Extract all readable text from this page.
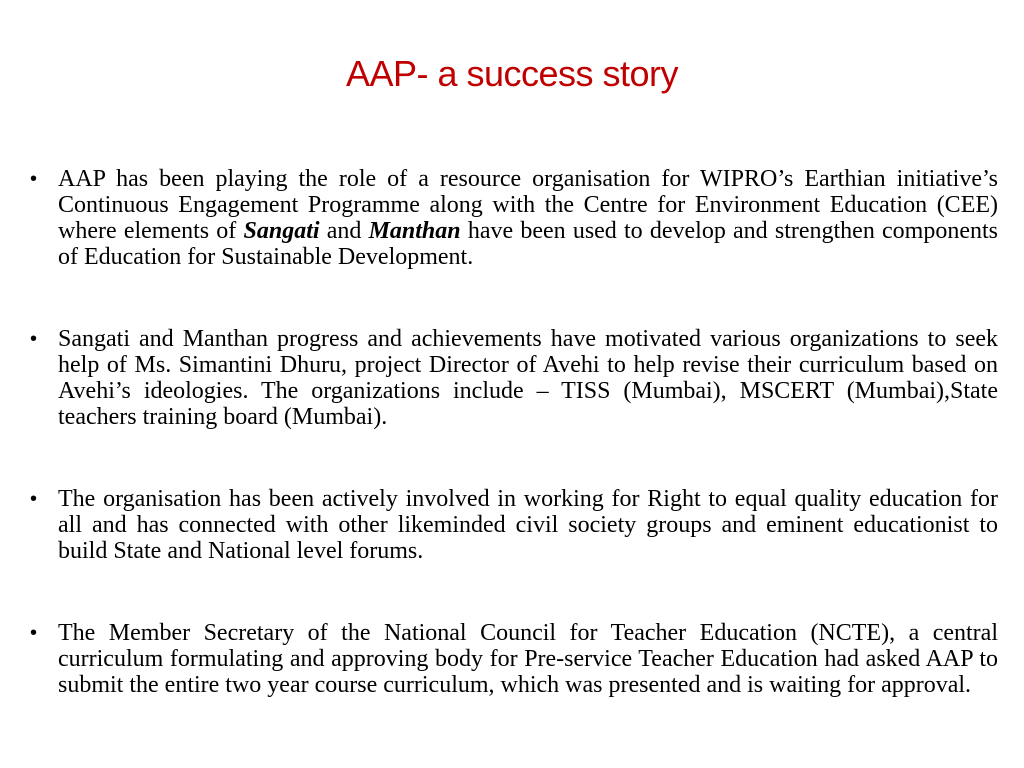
AAP- a success story
• AAP has been playing the role of a resource organisation for WIPRO’s Earthian initiative’s Continuous Engagement Programme along with the Centre for Environment Education (CEE) where elements of Sangati and Manthan have been used to develop and strengthen components of Education for Sustainable Development.
• Sangati and Manthan progress and achievements have motivated various organizations to seek help of Ms. Simantini Dhuru, project Director of Avehi to help revise their curriculum based on Avehi’s ideologies. The organizations include – TISS (Mumbai), MSCERT (Mumbai),State teachers training board (Mumbai).
• The organisation has been actively involved in working for Right to equal quality education for all and has connected with other likeminded civil society groups and eminent educationist to build State and National level forums.
• The Member Secretary of the National Council for Teacher Education (NCTE), a central curriculum formulating and approving body for Pre-service Teacher Education had asked AAP to submit the entire two year course curriculum, which was presented and is waiting for approval.
